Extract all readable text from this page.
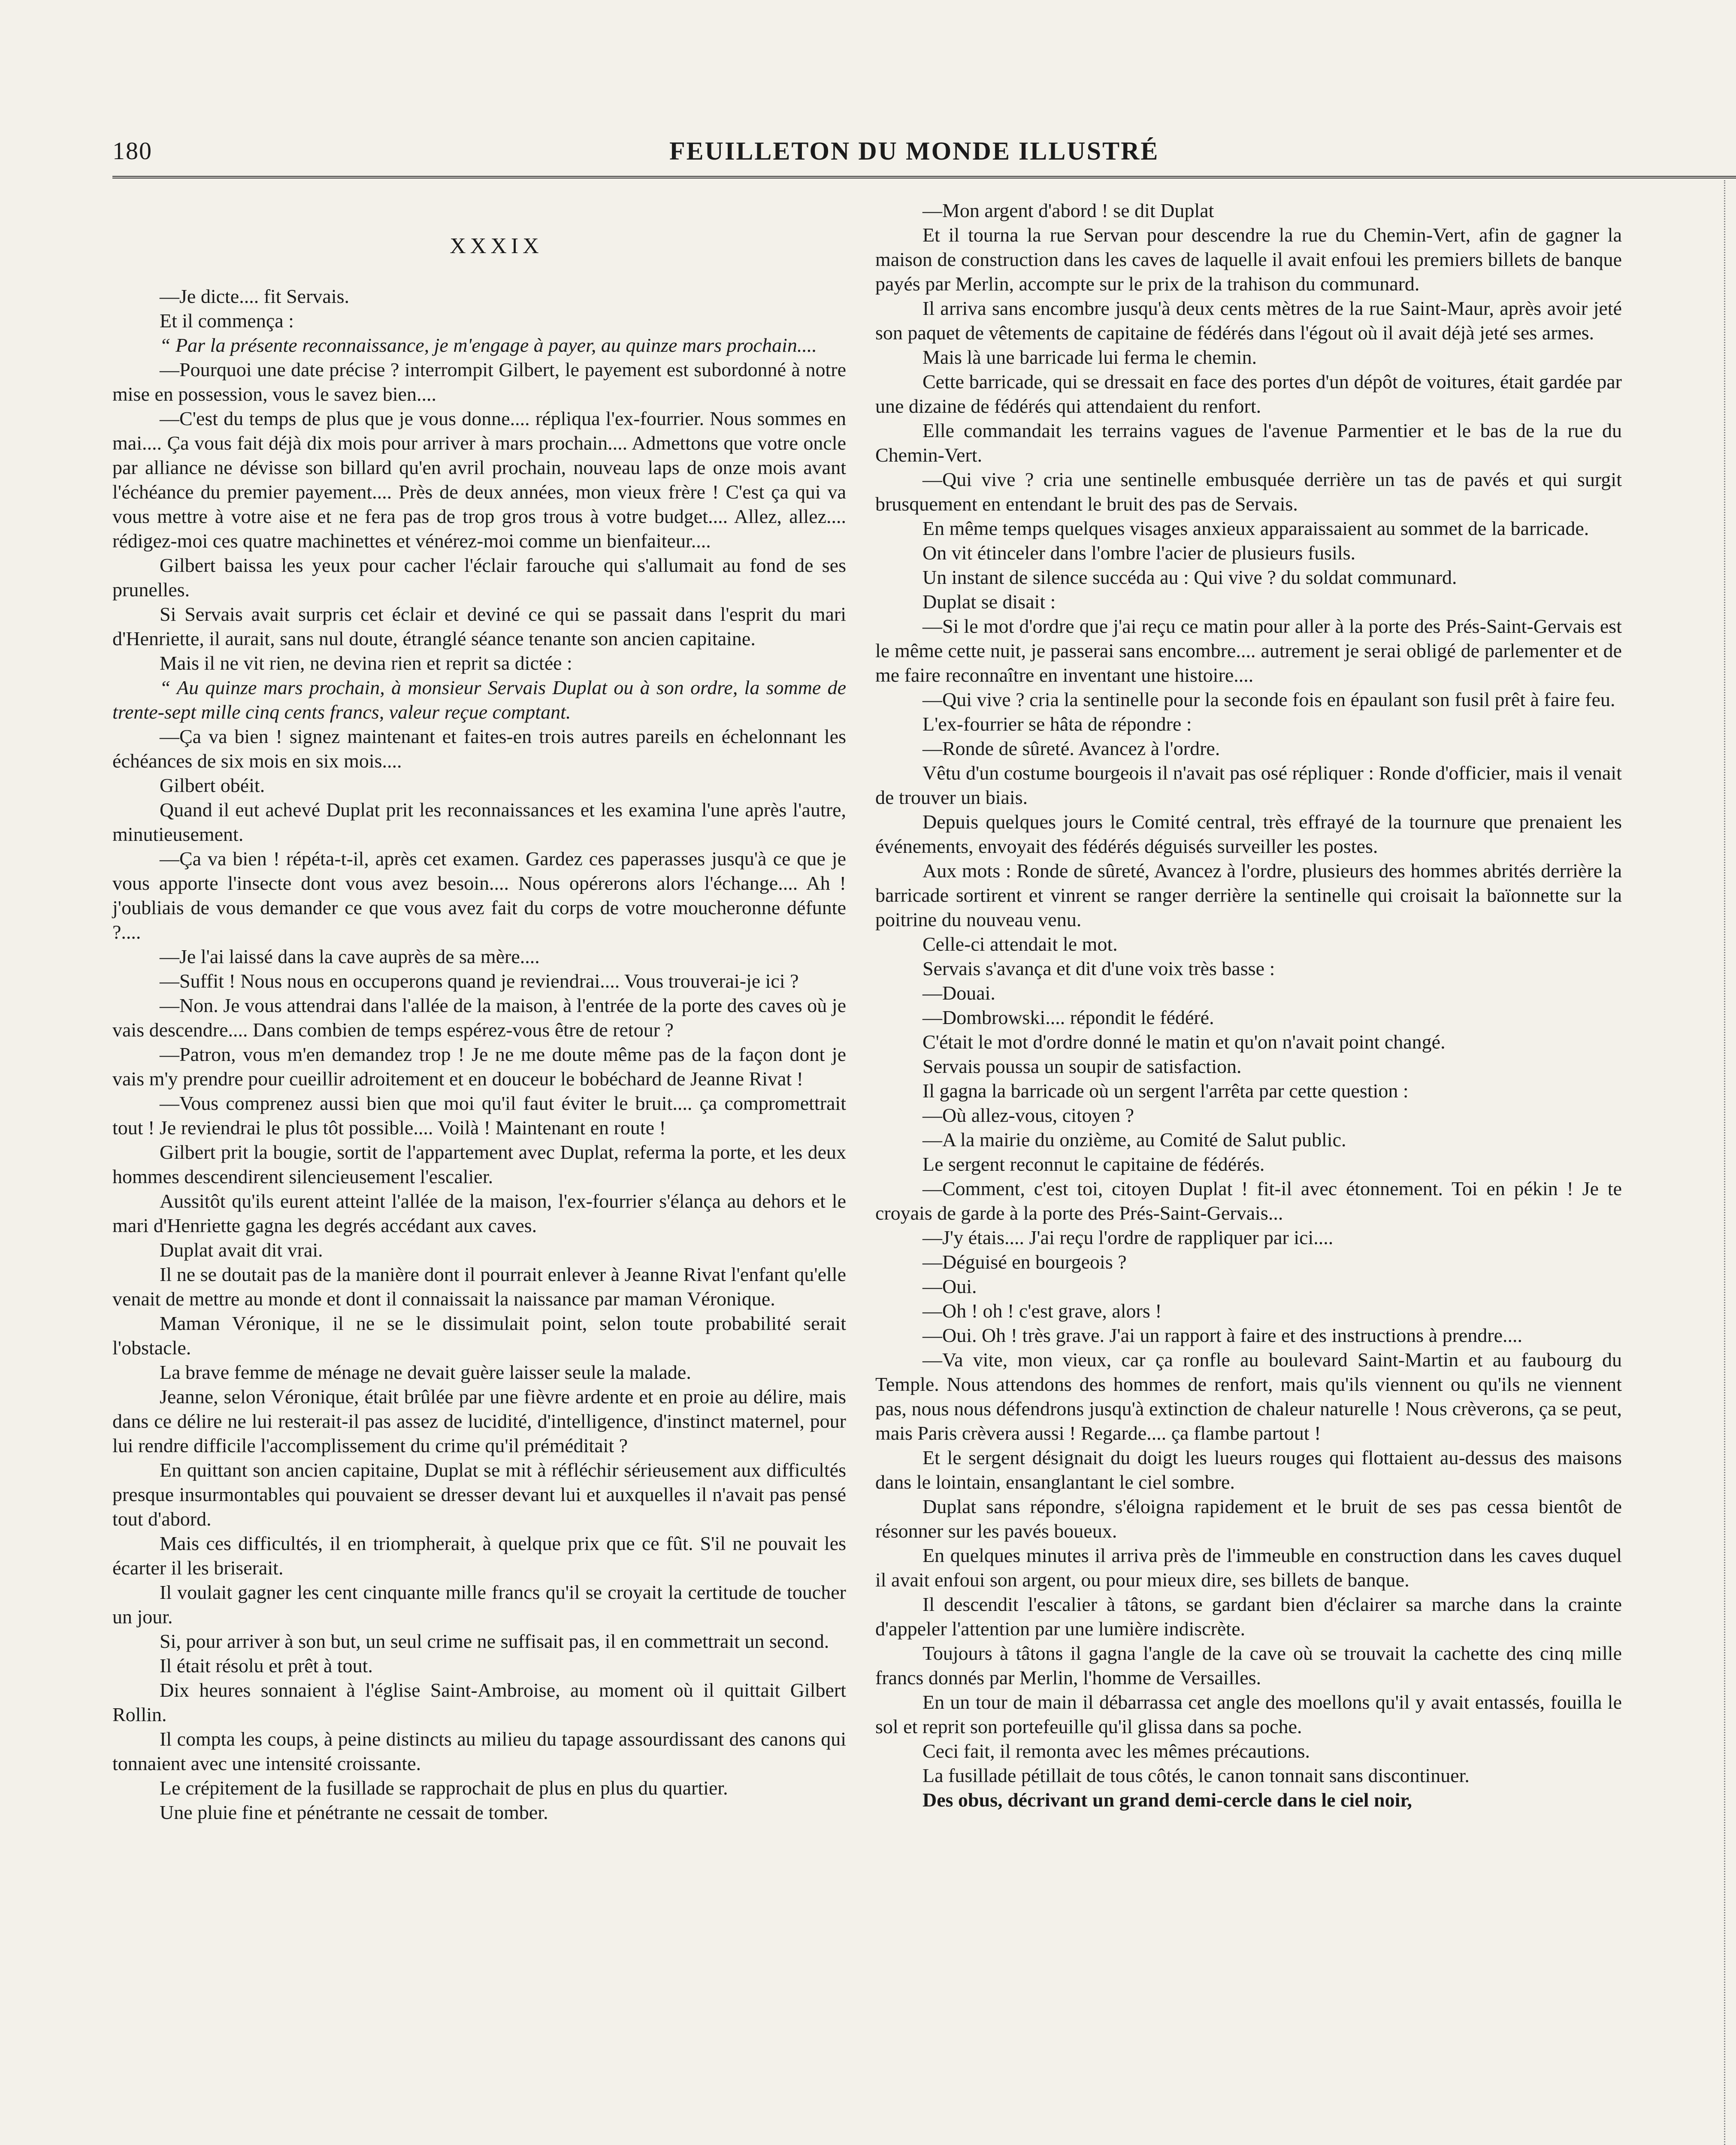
180	FEUILLETON DU MONDE ILLUSTRÉ
XXXIX

—Je dicte.... fit Servais.

Et il commença :

“ Par la présente reconnaissance, je m'engage à payer, au quinze mars prochain....

—Pourquoi une date précise ? interrompit Gilbert, le payement est subordonné à notre mise en possession, vous le savez bien....

—C'est du temps de plus que je vous donne.... répliqua l'ex-fourrier. Nous sommes en mai.... Ça vous fait déjà dix mois pour arriver à mars prochain.... Admettons que votre oncle par alliance ne dévisse son billard qu'en avril prochain, nouveau laps de onze mois avant l'échéance du premier payement.... Près de deux années, mon vieux frère ! C'est ça qui va vous mettre à votre aise et ne fera pas de trop gros trous à votre budget.... Allez, allez.... rédigez-moi ces quatre machinettes et vénérez-moi comme un bienfaiteur....

Gilbert baissa les yeux pour cacher l'éclair farouche qui s'allumait au fond de ses prunelles.

Si Servais avait surpris cet éclair et deviné ce qui se passait dans l'esprit du mari d'Henriette, il aurait, sans nul doute, étranglé séance tenante son ancien capitaine.

Mais il ne vit rien, ne devina rien et reprit sa dictée :

“ Au quinze mars prochain, à monsieur Servais Duplat ou à son ordre, la somme de trente-sept mille cinq cents francs, valeur reçue comptant.

—Ça va bien ! signez maintenant et faites-en trois autres pareils en échelonnant les échéances de six mois en six mois....

Gilbert obéit.

Quand il eut achevé Duplat prit les reconnaissances et les examina l'une après l'autre, minutieusement.

—Ça va bien ! répéta-t-il, après cet examen. Gardez ces paperasses jusqu'à ce que je vous apporte l'insecte dont vous avez besoin.... Nous opérerons alors l'échange.... Ah ! j'oubliais de vous demander ce que vous avez fait du corps de votre moucheronne défunte ?....

—Je l'ai laissé dans la cave auprès de sa mère....

—Suffit ! Nous nous en occuperons quand je reviendrai.... Vous trouverai-je ici ?

—Non. Je vous attendrai dans l'allée de la maison, à l'entrée de la porte des caves où je vais descendre.... Dans combien de temps espérez-vous être de retour ?

—Patron, vous m'en demandez trop ! Je ne me doute même pas de la façon dont je vais m'y prendre pour cueillir adroitement et en douceur le bobéchard de Jeanne Rivat !

—Vous comprenez aussi bien que moi qu'il faut éviter le bruit.... ça compromettrait tout ! Je reviendrai le plus tôt possible.... Voilà ! Maintenant en route !

Gilbert prit la bougie, sortit de l'appartement avec Duplat, referma la porte, et les deux hommes descendirent silencieusement l'escalier.

Aussitôt qu'ils eurent atteint l'allée de la maison, l'ex-fourrier s'élança au dehors et le mari d'Henriette gagna les degrés accédant aux caves.

Duplat avait dit vrai.

Il ne se doutait pas de la manière dont il pourrait enlever à Jeanne Rivat l'enfant qu'elle venait de mettre au monde et dont il connaissait la naissance par maman Véronique.

Maman Véronique, il ne se le dissimulait point, selon toute probabilité serait l'obstacle.

La brave femme de ménage ne devait guère laisser seule la malade.

Jeanne, selon Véronique, était brûlée par une fièvre ardente et en proie au délire, mais dans ce délire ne lui resterait-il pas assez de lucidité, d'intelligence, d'instinct maternel, pour lui rendre difficile l'accomplissement du crime qu'il préméditait ?

En quittant son ancien capitaine, Duplat se mit à réfléchir sérieusement aux difficultés presque insurmontables qui pouvaient se dresser devant lui et auxquelles il n'avait pas pensé tout d'abord.

Mais ces difficultés, il en triompherait, à quelque prix que ce fût. S'il ne pouvait les écarter il les briserait.

Il voulait gagner les cent cinquante mille francs qu'il se croyait la certitude de toucher un jour.

Si, pour arriver à son but, un seul crime ne suffisait pas, il en commettrait un second.

Il était résolu et prêt à tout.

Dix heures sonnaient à l'église Saint-Ambroise, au moment où il quittait Gilbert Rollin.

Il compta les coups, à peine distincts au milieu du tapage assourdissant des canons qui tonnaient avec une intensité croissante.

Le crépitement de la fusillade se rapprochait de plus en plus du quartier.

Une pluie fine et pénétrante ne cessait de tomber.

—Mon argent d'abord ! se dit Duplat

Et il tourna la rue Servan pour descendre la rue du Chemin-Vert, afin de gagner la maison de construction dans les caves de laquelle il avait enfoui les premiers billets de banque payés par Merlin, accompte sur le prix de la trahison du communard.

Il arriva sans encombre jusqu'à deux cents mètres de la rue Saint-Maur, après avoir jeté son paquet de vêtements de capitaine de fédérés dans l'égout où il avait déjà jeté ses armes.

Mais là une barricade lui ferma le chemin.

Cette barricade, qui se dressait en face des portes d'un dépôt de voitures, était gardée par une dizaine de fédérés qui attendaient du renfort.

Elle commandait les terrains vagues de l'avenue Parmentier et le bas de la rue du Chemin-Vert.

—Qui vive ? cria une sentinelle embusquée derrière un tas de pavés et qui surgit brusquement en entendant le bruit des pas de Servais.

En même temps quelques visages anxieux apparaissaient au sommet de la barricade.

On vit étinceler dans l'ombre l'acier de plusieurs fusils.

Un instant de silence succéda au : Qui vive ? du soldat communard.

Duplat se disait :

—Si le mot d'ordre que j'ai reçu ce matin pour aller à la porte des Prés-Saint-Gervais est le même cette nuit, je passerai sans encombre.... autrement je serai obligé de parlementer et de me faire reconnaître en inventant une histoire....

—Qui vive ? cria la sentinelle pour la seconde fois en épaulant son fusil prêt à faire feu.

L'ex-fourrier se hâta de répondre :

—Ronde de sûreté. Avancez à l'ordre.

Vêtu d'un costume bourgeois il n'avait pas osé répliquer : Ronde d'officier, mais il venait de trouver un biais.

Depuis quelques jours le Comité central, très effrayé de la tournure que prenaient les événements, envoyait des fédérés déguisés surveiller les postes.

Aux mots : Ronde de sûreté, Avancez à l'ordre, plusieurs des hommes abrités derrière la barricade sortirent et vinrent se ranger derrière la sentinelle qui croisait la baïonnette sur la poitrine du nouveau venu.

Celle-ci attendait le mot.

Servais s'avança et dit d'une voix très basse :

—Douai.

—Dombrowski.... répondit le fédéré.

C'était le mot d'ordre donné le matin et qu'on n'avait point changé.

Servais poussa un soupir de satisfaction.

Il gagna la barricade où un sergent l'arrêta par cette question :

—Où allez-vous, citoyen ?

—A la mairie du onzième, au Comité de Salut public.

Le sergent reconnut le capitaine de fédérés.

—Comment, c'est toi, citoyen Duplat ! fit-il avec étonnement. Toi en pékin ! Je te croyais de garde à la porte des Prés-Saint-Gervais...

—J'y étais.... J'ai reçu l'ordre de rappliquer par ici....

—Déguisé en bourgeois ?

—Oui.

—Oh ! oh ! c'est grave, alors !

—Oui. Oh ! très grave. J'ai un rapport à faire et des instructions à prendre....

—Va vite, mon vieux, car ça ronfle au boulevard Saint-Martin et au faubourg du Temple. Nous attendons des hommes de renfort, mais qu'ils viennent ou qu'ils ne viennent pas, nous nous défendrons jusqu'à extinction de chaleur naturelle ! Nous crèverons, ça se peut, mais Paris crèvera aussi ! Regarde.... ça flambe partout !

Et le sergent désignait du doigt les lueurs rouges qui flottaient au-dessus des maisons dans le lointain, ensanglantant le ciel sombre.

Duplat sans répondre, s'éloigna rapidement et le bruit de ses pas cessa bientôt de résonner sur les pavés boueux.

En quelques minutes il arriva près de l'immeuble en construction dans les caves duquel il avait enfoui son argent, ou pour mieux dire, ses billets de banque.

Il descendit l'escalier à tâtons, se gardant bien d'éclairer sa marche dans la crainte d'appeler l'attention par une lumière indiscrète.

Toujours à tâtons il gagna l'angle de la cave où se trouvait la cachette des cinq mille francs donnés par Merlin, l'homme de Versailles.

En un tour de main il débarrassa cet angle des moellons qu'il y avait entassés, fouilla le sol et reprit son portefeuille qu'il glissa dans sa poche.

Ceci fait, il remonta avec les mêmes précautions.

La fusillade pétillait de tous côtés, le canon tonnait sans discontinuer.

Des obus, décrivant un grand demi-cercle dans le ciel noir,
